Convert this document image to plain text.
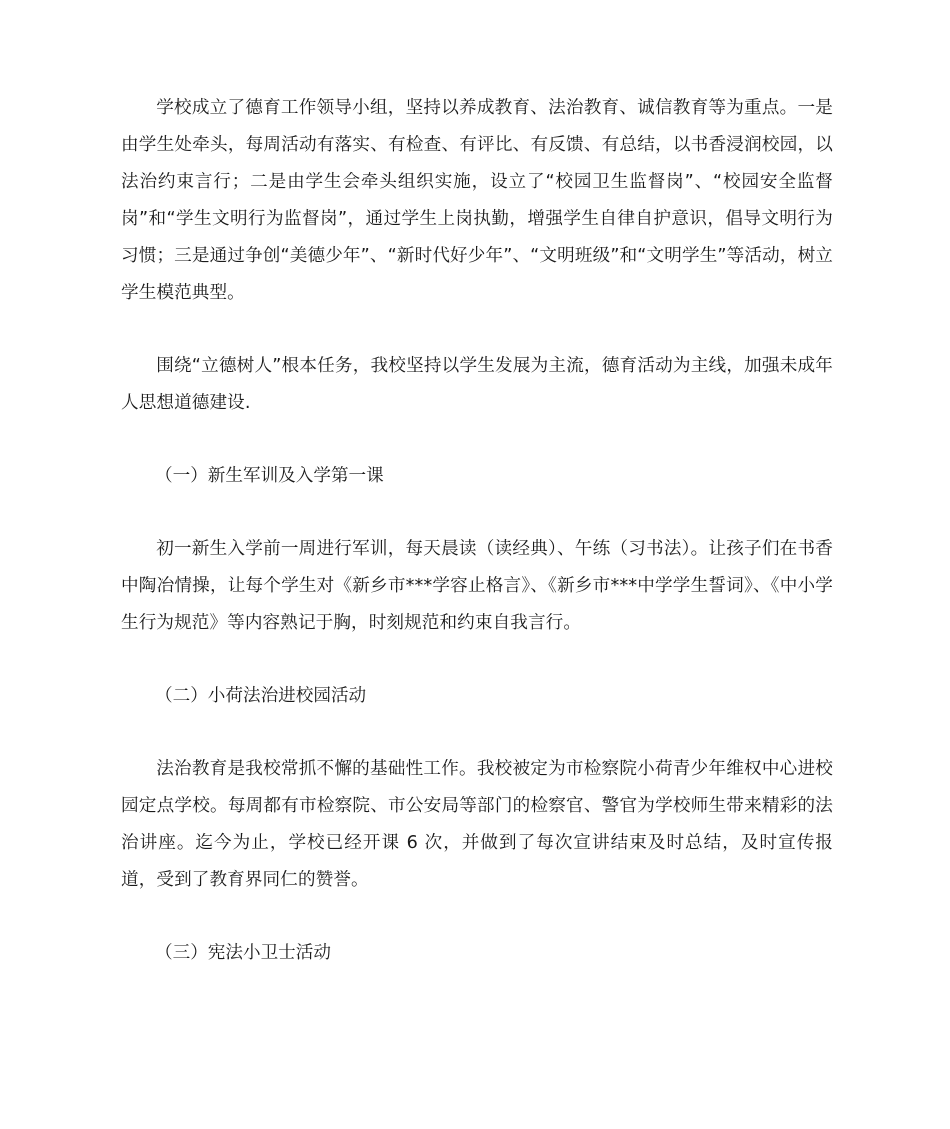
学校成立了德育工作领导小组，坚持以养成教育、法治教育、诚信教育等为重点。一是由学生处牵头，每周活动有落实、有检查、有评比、有反馈、有总结，以书香浸润校园，以法治约束言行；二是由学生会牵头组织实施，设立了“校园卫生监督岗”、“校园安全监督岗”和“学生文明行为监督岗”，通过学生上岗执勤，增强学生自律自护意识，倡导文明行为习惯；三是通过争创“美德少年”、“新时代好少年”、“文明班级”和“文明学生”等活动，树立学生模范典型。

围绕“立德树人”根本任务，我校坚持以学生发展为主流，德育活动为主线，加强未成年人思想道德建设.

（一）新生军训及入学第一课

初一新生入学前一周进行军训，每天晨读（读经典）、午练（习书法）。让孩子们在书香中陶冶情操，让每个学生对《新乡市***学容止格言》、《新乡市***中学学生誓词》、《中小学生行为规范》等内容熟记于胸，时刻规范和约束自我言行。

（二）小荷法治进校园活动

法治教育是我校常抓不懈的基础性工作。我校被定为市检察院小荷青少年维权中心进校园定点学校。每周都有市检察院、市公安局等部门的检察官、警官为学校师生带来精彩的法治讲座。迄今为止，学校已经开课 6 次，并做到了每次宣讲结束及时总结，及时宣传报道，受到了教育界同仁的赞誉。

（三）宪法小卫士活动
